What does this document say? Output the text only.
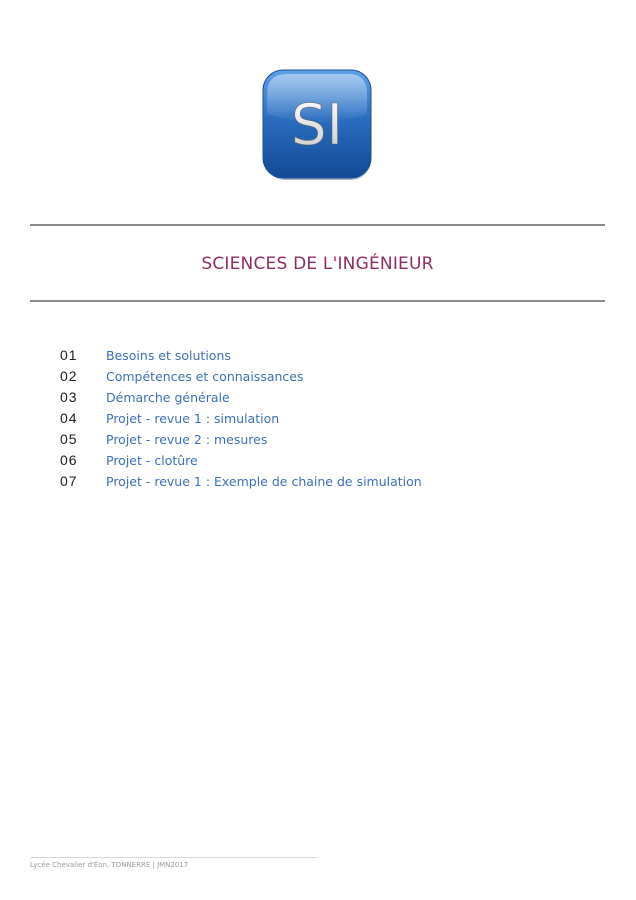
SI
SCIENCES DE L'INGÉNIEUR
01	Besoins et solutions
02	Compétences et connaissances
03	Démarche générale
04	Projet - revue 1 : simulation
05	Projet - revue 2 : mesures
06	Projet - clotûre
07	Projet - revue 1 : Exemple de chaine de simulation
Lycée Chevalier d'Éon, TONNERRE | JMN2017
